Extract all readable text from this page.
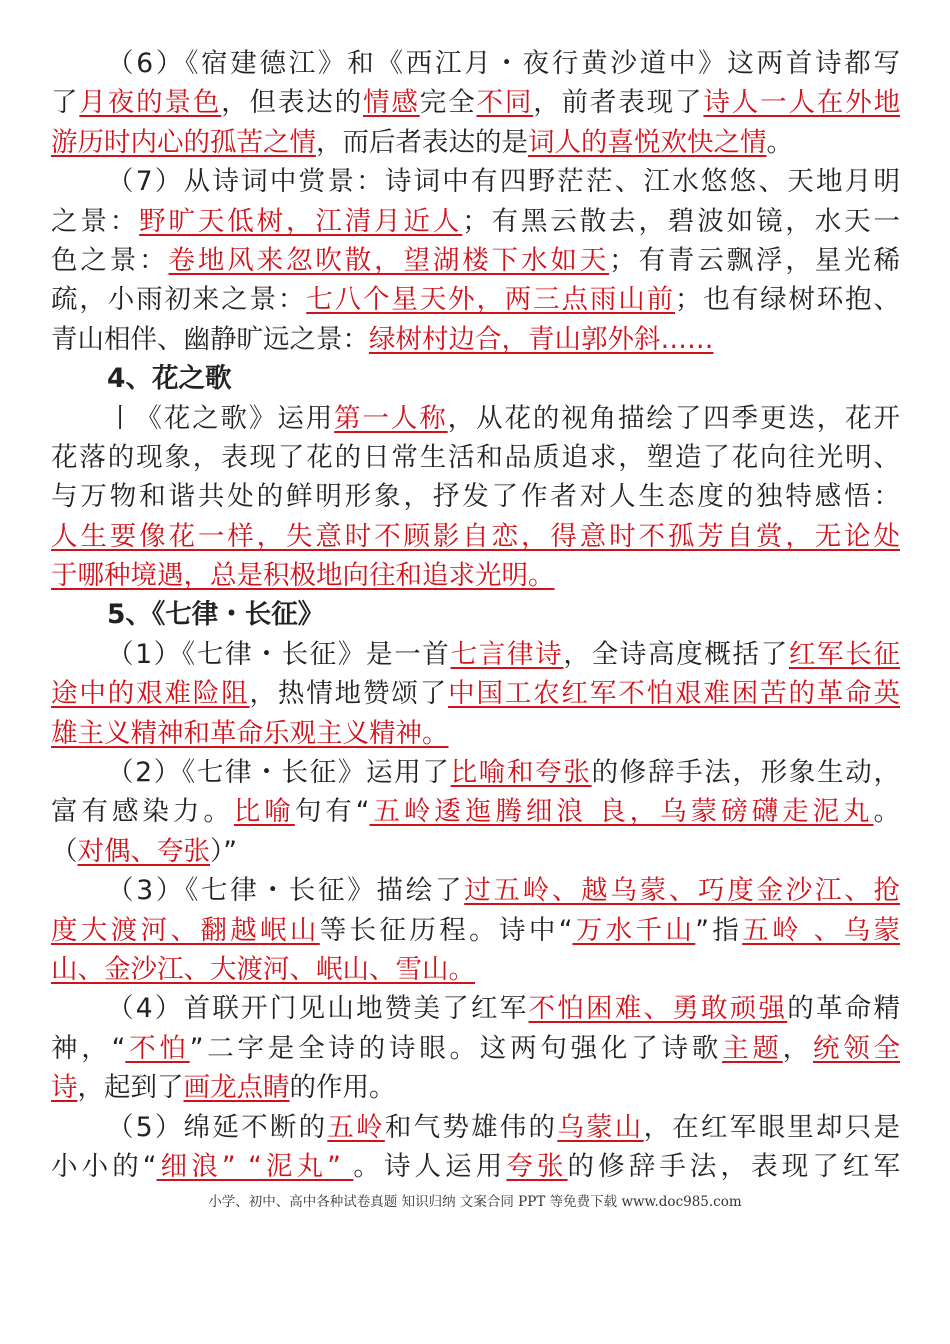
（6）《宿建德江》和《西江月・夜行黄沙道中》这两首诗都写
了月夜的景色，但表达的情感完全不同，前者表现了诗人一人在外地
游历时内心的孤苦之情，而后者表达的是词人的喜悦欢快之情。
（7）从诗词中赏景：诗词中有四野茫茫、江水悠悠、天地月明
之景：野旷天低树，江清月近人；有黑云散去，碧波如镜，水天一
色之景：卷地风来忽吹散，望湖楼下水如天；有青云飘浮，星光稀
疏，小雨初来之景：七八个星天外，两三点雨山前；也有绿树环抱、
青山相伴、幽静旷远之景：绿树村边合，青山郭外斜……
4、花之歌
丨《花之歌》运用第一人称，从花的视角描绘了四季更迭，花开
花落的现象，表现了花的日常生活和品质追求，塑造了花向往光明、
与万物和谐共处的鲜明形象，抒发了作者对人生态度的独特感悟：
人生要像花一样，失意时不顾影自恋，得意时不孤芳自赏，无论处
于哪种境遇，总是积极地向往和追求光明。
5、《七律・长征》
（1）《七律・长征》是一首七言律诗，全诗高度概括了红军长征
途中的艰难险阻，热情地赞颂了中国工农红军不怕艰难困苦的革命英
雄主义精神和革命乐观主义精神。
（2）《七律・长征》运用了比喻和夸张的修辞手法，形象生动，
富有感染力。比喻句有“五岭逶迤腾细浪 良，乌蒙磅礴走泥丸。
（对偶、夸张）”
（3）《七律・长征》描绘了过五岭、越乌蒙、巧度金沙江、抢
度大渡河、翻越岷山等长征历程。诗中“万水千山”指五岭 、乌蒙
山、金沙江、大渡河、岷山、雪山。
（4）首联开门见山地赞美了红军不怕困难、勇敢顽强的革命精
神，“不怕”二字是全诗的诗眼。这两句强化了诗歌主题，统领全
诗，起到了画龙点睛的作用。
（5）绵延不断的五岭和气势雄伟的乌蒙山，在红军眼里却只是
小小的“细浪” “泥丸” 。诗人运用夸张的修辞手法，表现了红军
小学、初中、高中各种试卷真题 知识归纳 文案合同 PPT 等免费下载 www.doc985.com
